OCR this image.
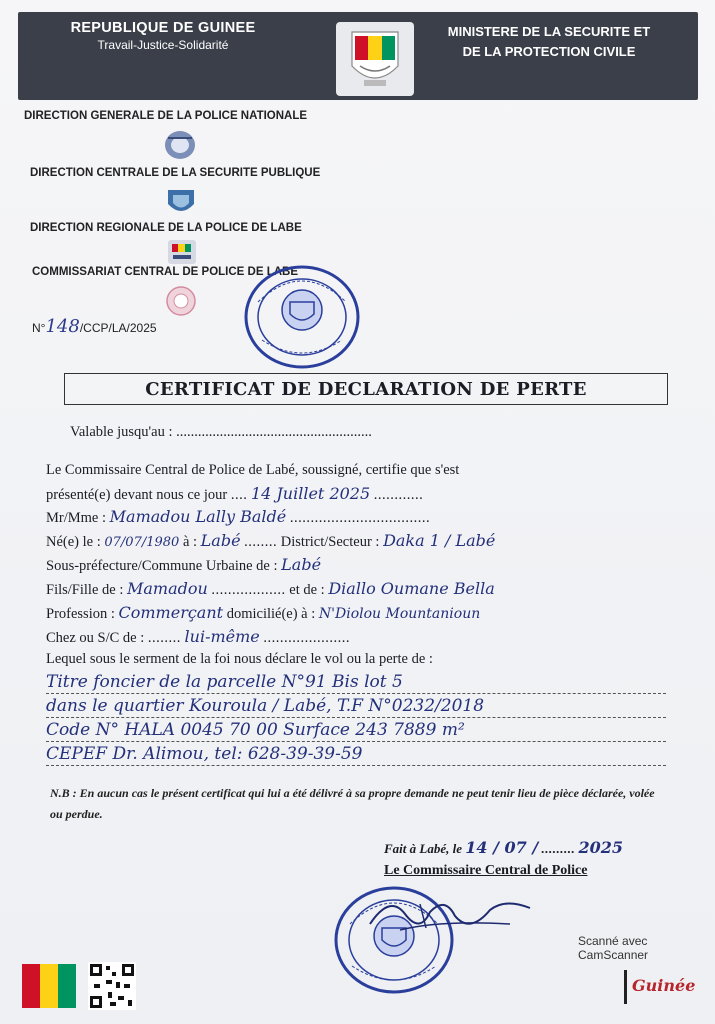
REPUBLIQUE DE GUINEE
Travail-Justice-Solidarité
MINISTERE DE LA SECURITE ET
DE LA PROTECTION CIVILE
DIRECTION GENERALE DE LA POLICE NATIONALE
DIRECTION CENTRALE DE LA SECURITE PUBLIQUE
DIRECTION REGIONALE DE LA POLICE DE LABE
COMMISSARIAT CENTRAL DE POLICE DE LABE
N°148/CCP/LA/2025
CERTIFICAT DE DECLARATION DE PERTE
Valable jusqu'au : ......................................................
Le Commissaire Central de Police de Labé, soussigné, certifie que s'est
présenté(e) devant nous ce jour .... 14 Juillet 2025 ............
Mr/Mme : Mamadou Lally Baldé ..................................
Né(e) le : 07/07/1980 à : Labé ........ District/Secteur : Daka 1 / Labé
Sous-préfecture/Commune Urbaine de : Labé
Fils/Fille de : Mamadou .................. et de : Diallo Oumane Bella
Profession : Commerçant domicilié(e) à : N'Diolou Mountanioun
Chez ou S/C de : ........ lui-même .....................
Lequel sous le serment de la foi nous déclare le vol ou la perte de :
Titre foncier de la parcelle N°91 Bis lot 5
dans le quartier Kouroula / Labé, T.F N°0232/2018
Code N° HALA 0045 70 00 Surface 243 7889 m²
CEPEF Dr. Alimou, tel: 628-39-39-59
N.B : En aucun cas le présent certificat qui lui a été délivré à sa propre demande ne peut tenir lieu de pièce déclarée, volée ou perdue.
Fait à Labé, le 14 / 07 / ......... 2025
Le Commissaire Central de Police
Scanné avec CamScanner
Guinée
